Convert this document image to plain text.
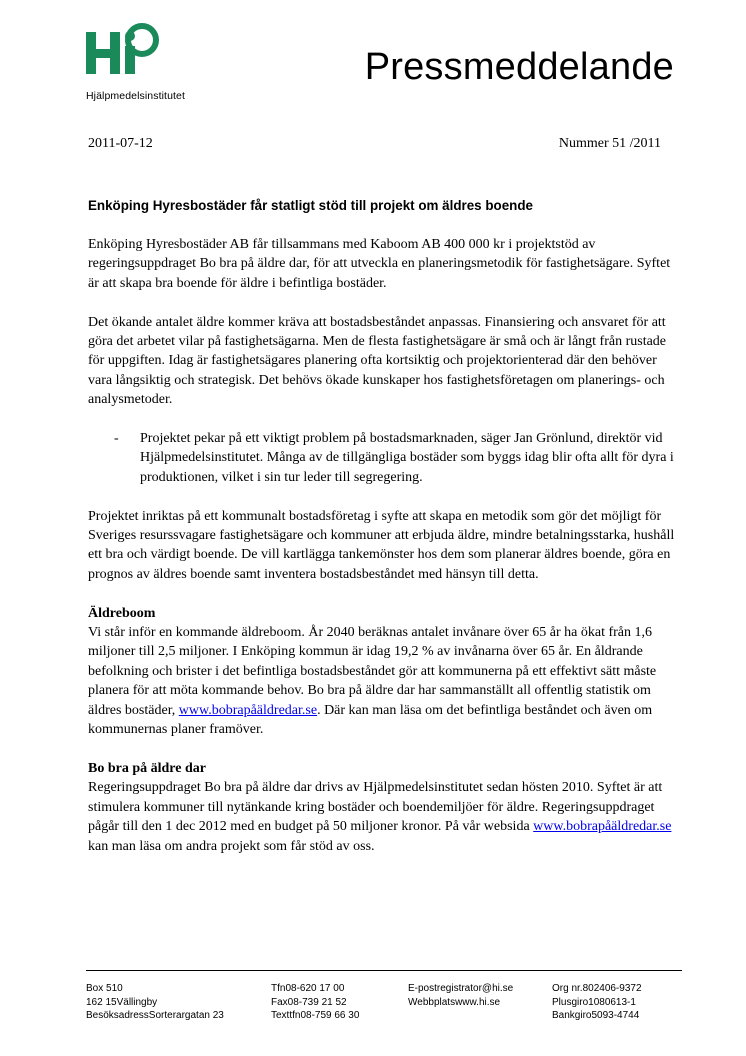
Hjälpmedelsinstitutet
Pressmeddelande
2011-07-12	Nummer 51 /2011
Enköping Hyresbostäder får statligt stöd till projekt om äldres boende

Enköping Hyresbostäder AB får tillsammans med Kaboom AB 400 000 kr i projektstöd av regeringsuppdraget Bo bra på äldre dar, för att utveckla en planeringsmetodik för fastighetsägare. Syftet är att skapa bra boende för äldre i befintliga bostäder.

Det ökande antalet äldre kommer kräva att bostadsbeståndet anpassas. Finansiering och ansvaret för att göra det arbetet vilar på fastighetsägarna. Men de flesta fastighetsägare är små och är långt från rustade för uppgiften. Idag är fastighetsägares planering ofta kortsiktig och projektorienterad där den behöver vara långsiktig och strategisk. Det behövs ökade kunskaper hos fastighetsföretagen om planerings- och analysmetoder.

-	Projektet pekar på ett viktigt problem på bostadsmarknaden, säger Jan Grönlund, direktör vid Hjälpmedelsinstitutet. Många av de tillgängliga bostäder som byggs idag blir ofta allt för dyra i produktionen, vilket i sin tur leder till segregering.

Projektet inriktas på ett kommunalt bostadsföretag i syfte att skapa en metodik som gör det möjligt för Sveriges resurssvagare fastighetsägare och kommuner att erbjuda äldre, mindre betalningsstarka, hushåll ett bra och värdigt boende. De vill kartlägga tankemönster hos dem som planerar äldres boende, göra en prognos av äldres boende samt inventera bostadsbeståndet med hänsyn till detta.

Äldreboom
Vi står inför en kommande äldreboom. År 2040 beräknas antalet invånare över 65 år ha ökat från 1,6 miljoner till 2,5 miljoner. I Enköping kommun är idag 19,2 % av invånarna över 65 år. En åldrande befolkning och brister i det befintliga bostadsbeståndet gör att kommunerna på ett effektivt sätt måste planera för att möta kommande behov. Bo bra på äldre dar har sammanställt all offentlig statistik om äldres bostäder, www.bobrapåäldredar.se. Där kan man läsa om det befintliga beståndet och även om kommunernas planer framöver.

Bo bra på äldre dar
Regeringsuppdraget Bo bra på äldre dar drivs av Hjälpmedelsinstitutet sedan hösten 2010. Syftet är att stimulera kommuner till nytänkande kring bostäder och boendemiljöer för äldre. Regeringsuppdraget pågår till den 1 dec 2012 med en budget på 50 miljoner kronor. På vår websida www.bobrapåäldredar.se kan man läsa om andra projekt som får stöd av oss.

Box 510
162 15Vällingby
BesöksadressSorterargatan 23
Tfn08-620 17 00
Fax08-739 21 52
Texttfn08-759 66 30
E-postregistrator@hi.se
Webbplatswww.hi.se
Org nr.802406-9372
Plusgiro1080613-1
Bankgiro5093-4744
